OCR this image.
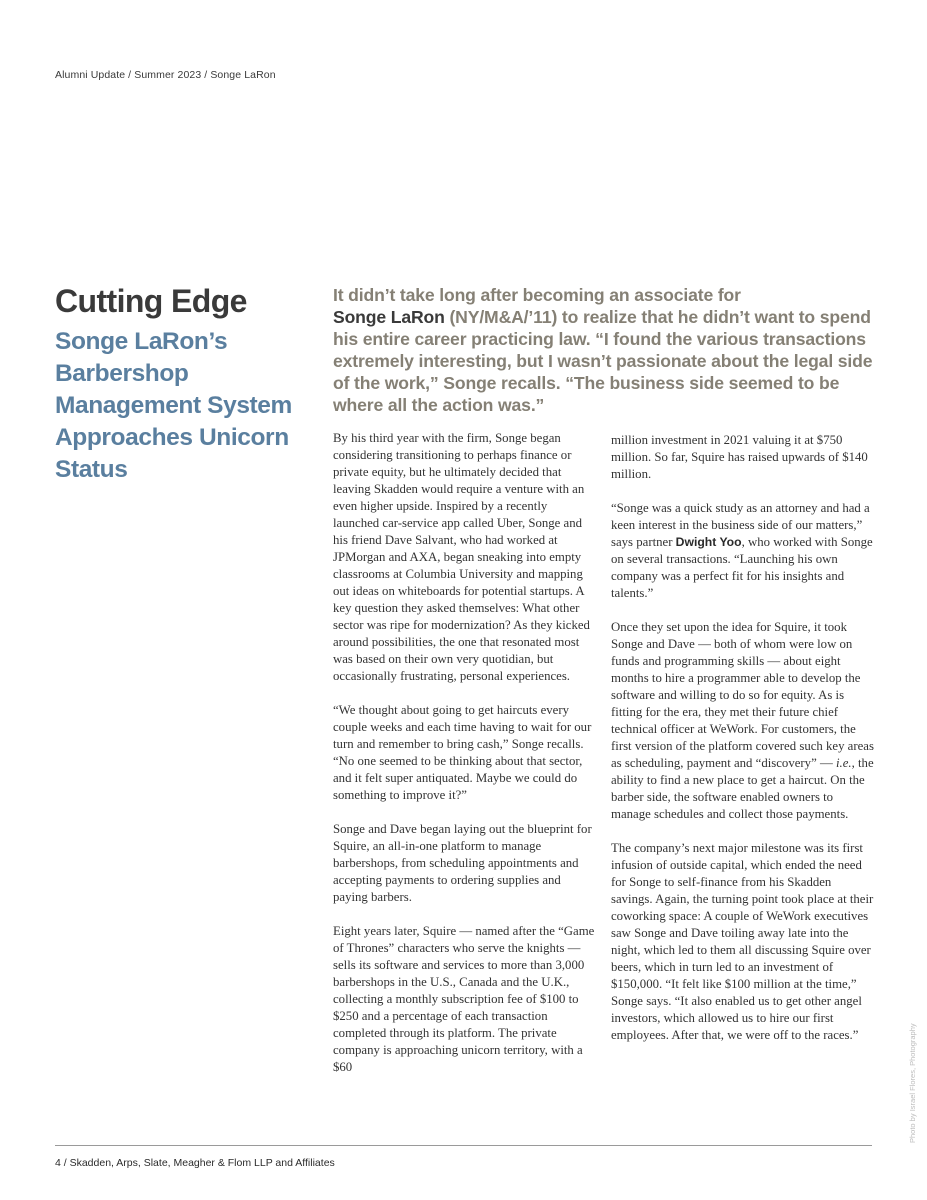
Alumni Update / Summer 2023 / Songe LaRon
Cutting Edge
Songe LaRon’s Barbershop Management System Approaches Unicorn Status
It didn’t take long after becoming an associate for
Songe LaRon (NY/M&A/’11) to realize that he didn’t want to spend his entire career practicing law. “I found the various transactions extremely interesting, but I wasn’t passionate about the legal side of the work,” Songe recalls. “The business side seemed to be where all the action was.”

By his third year with the firm, Songe began considering transitioning to perhaps finance or private equity, but he ultimately decided that leaving Skadden would require a venture with an even higher upside. Inspired by a recently launched car-service app called Uber, Songe and his friend Dave Salvant, who had worked at JPMorgan and AXA, began sneaking into empty classrooms at Columbia University and mapping out ideas on whiteboards for potential startups. A key question they asked themselves: What other sector was ripe for modernization? As they kicked around possibilities, the one that resonated most was based on their own very quotidian, but occasionally frustrating, personal experiences.

“We thought about going to get haircuts every couple weeks and each time having to wait for our turn and remember to bring cash,” Songe recalls. “No one seemed to be thinking about that sector, and it felt super antiquated. Maybe we could do something to improve it?”

Songe and Dave began laying out the blueprint for Squire, an all-in-one platform to manage barbershops, from scheduling appointments and accepting payments to ordering supplies and paying barbers.

Eight years later, Squire — named after the “Game of Thrones” characters who serve the knights — sells its software and services to more than 3,000 barbershops in the U.S., Canada and the U.K., collecting a monthly subscription fee of $100 to $250 and a percentage of each transaction completed through its platform. The private company is approaching unicorn territory, with a $60

million investment in 2021 valuing it at $750 million. So far, Squire has raised upwards of $140 million.

“Songe was a quick study as an attorney and had a keen interest in the business side of our matters,” says partner Dwight Yoo, who worked with Songe on several transactions. “Launching his own company was a perfect fit for his insights and talents.”

Once they set upon the idea for Squire, it took Songe and Dave — both of whom were low on funds and programming skills — about eight months to hire a programmer able to develop the software and willing to do so for equity. As is fitting for the era, they met their future chief technical officer at WeWork. For customers, the first version of the platform covered such key areas as scheduling, payment and “discovery” — i.e., the ability to find a new place to get a haircut. On the barber side, the software enabled owners to manage schedules and collect those payments.

The company’s next major milestone was its first infusion of outside capital, which ended the need for Songe to self-finance from his Skadden savings. Again, the turning point took place at their coworking space: A couple of WeWork executives saw Songe and Dave toiling away late into the night, which led to them all discussing Squire over beers, which in turn led to an investment of $150,000. “It felt like $100 million at the time,” Songe says. “It also enabled us to get other angel investors, which allowed us to hire our first employees. After that, we were off to the races.”	Photo by Israel Flores, Photography
4 / Skadden, Arps, Slate, Meagher & Flom LLP and Affiliates
